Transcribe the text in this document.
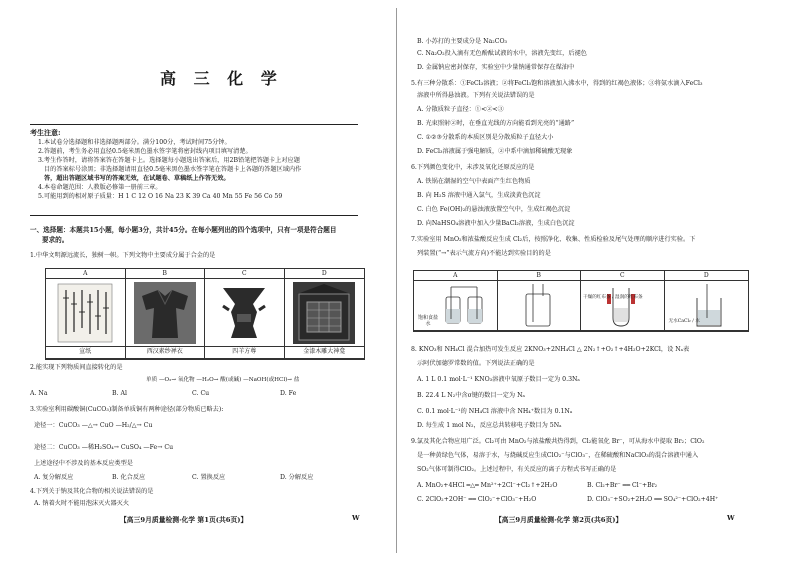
高 三 化 学
考生注意:
1.本试卷分选择题和非选择题两部分。满分100分，考试时间75分钟。
2.答题前，考生务必用直径0.5毫米黑色墨水签字笔将密封线内项目填写清楚。
3.考生作答时，请将答案答在答题卡上。选择题每小题选出答案后，用2B铅笔把答题卡上对应题
目的答案标号涂黑；非选择题请用直径0.5毫米黑色墨水签字笔在答题卡上各题的答题区域内作
答，超出答题区域书写的答案无效，在试题卷、草稿纸上作答无效。
4.本卷命题范围：人教版必修第一册前三章。
5.可能用到的相对原子质量：H 1 C 12 O 16 Na 23 K 39 Ca 40 Mn 55 Fe 56 Co 59
一、选择题：本题共15小题，每小题3分，共计45分。在每小题列出的四个选项中，只有一项是符合题目
要求的。
1.中华文明源远流长，独树一帜。下列文物中主要成分属于合金的是
A	B	C	D
宣纸	西汉素纱禅衣	四羊方尊	金漆木雕大神龛
2.能实现下列物质间直接转化的是
单质 —O₂→ 氧化物 —H₂O→ 酸(或碱) —NaOH(或HCl)→ 盐
A. Na	B. Al	C. Cu	D. Fe
3.实验室利用碳酸铜(CuCO₃)制备单质铜有两种途径(部分物质已略去):
途径一：CuCO₃ —△→ CuO —H₂/△→ Cu
途径二：CuCO₃ —稀H₂SO₄→ CuSO₄ —Fe→ Cu
上述途径中不涉及的基本反应类型是
A. 复分解反应	B. 化合反应	C. 置换反应	D. 分解反应
4.下列关于钠及其化合物的相关说法错误的是
A. 钠着火时不能用泡沫灭火器灭火
【高三9月质量检测·化学 第1页(共6页)】	W
B. 小苏打的主要成分是 Na₂CO₃
C. Na₂O₂投入滴有无色酚酞试液的水中，溶液先变红，后褪色
D. 金属钠应密封保存，实验室中少量钠通常保存在煤油中
5.有三种分散系：①FeCl₃溶液；②将FeCl₃饱和溶液加入沸水中，得到的红褐色液体；③将氨水滴入FeCl₃
溶液中所得悬浊液。下列有关说法错误的是
A. 分散质粒子直径：①<②<③
B. 光束照射②时，在垂直光线的方向能看到光亮的“通路”
C. ①②③分散系的本质区别是分散质粒子直径大小
D. FeCl₃溶液属于强电解质，②中系中滴加稀硫酸无现象
6.下列颜色变化中，未涉及氧化还原反应的是
A. 铁锅在潮湿的空气中表面产生红色物质
B. 向 H₂S 溶液中通入氯气，生成淡黄色沉淀
C. 白色 Fe(OH)₂的悬浊液放置空气中，生成红褐色沉淀
D. 向NaHSO₄溶液中加入少量BaCl₂溶液，生成白色沉淀
7.实验室用 MnO₂和浓盐酸反应生成 Cl₂后，按照净化、收集、性质检验及尾气处理的顺序进行实验。下
列装置(“→”表示气流方向)不能达到实验目的的是
A	B	C	D
饱和食盐水
干燥的红布条 / 湿润的红布条
无水CaCl₂ / 水
8. KNO₃和 NH₄Cl 混合加热可发生反应 2KNO₃+2NH₄Cl △ 2N₂↑+O₂↑+4H₂O+2KCl，设 Nₐ表
示阿伏加德罗常数的值。下列说法正确的是
A. 1 L 0.1 mol·L⁻¹ KNO₃溶液中氧原子数目一定为 0.3Nₐ
B. 22.4 L N₂中含σ键的数目一定为 Nₐ
C. 0.1 mol·L⁻¹的 NH₄Cl 溶液中含 NH₄⁺数目为 0.1Nₐ
D. 每生成 1 mol N₂，反应总共转移电子数目为 5Nₐ
9.氯及其化合物应用广泛。Cl₂可由 MnO₂与浓盐酸共热得到，Cl₂能氧化 Br⁻，可从海水中提取 Br₂；ClO₂
是一种黄绿色气体，易溶于水，与烧碱反应生成ClO₂⁻与ClO₃⁻，在稀硫酸和NaClO₃的混合溶液中通入
SO₂气体可制得ClO₂。上述过程中，有关反应的离子方程式书写正确的是
A. MnO₂+4HCl ═△═ Mn²⁺+2Cl⁻+Cl₂↑+2H₂O	B. Cl₂+Br⁻ ══ Cl⁻+Br₂
C. 2ClO₂+2OH⁻ ══ ClO₂⁻+ClO₃⁻+H₂O	D. ClO₃⁻+SO₂+2H₂O ══ SO₄²⁻+ClO₂+4H⁺
【高三9月质量检测·化学 第2页(共6页)】	W
